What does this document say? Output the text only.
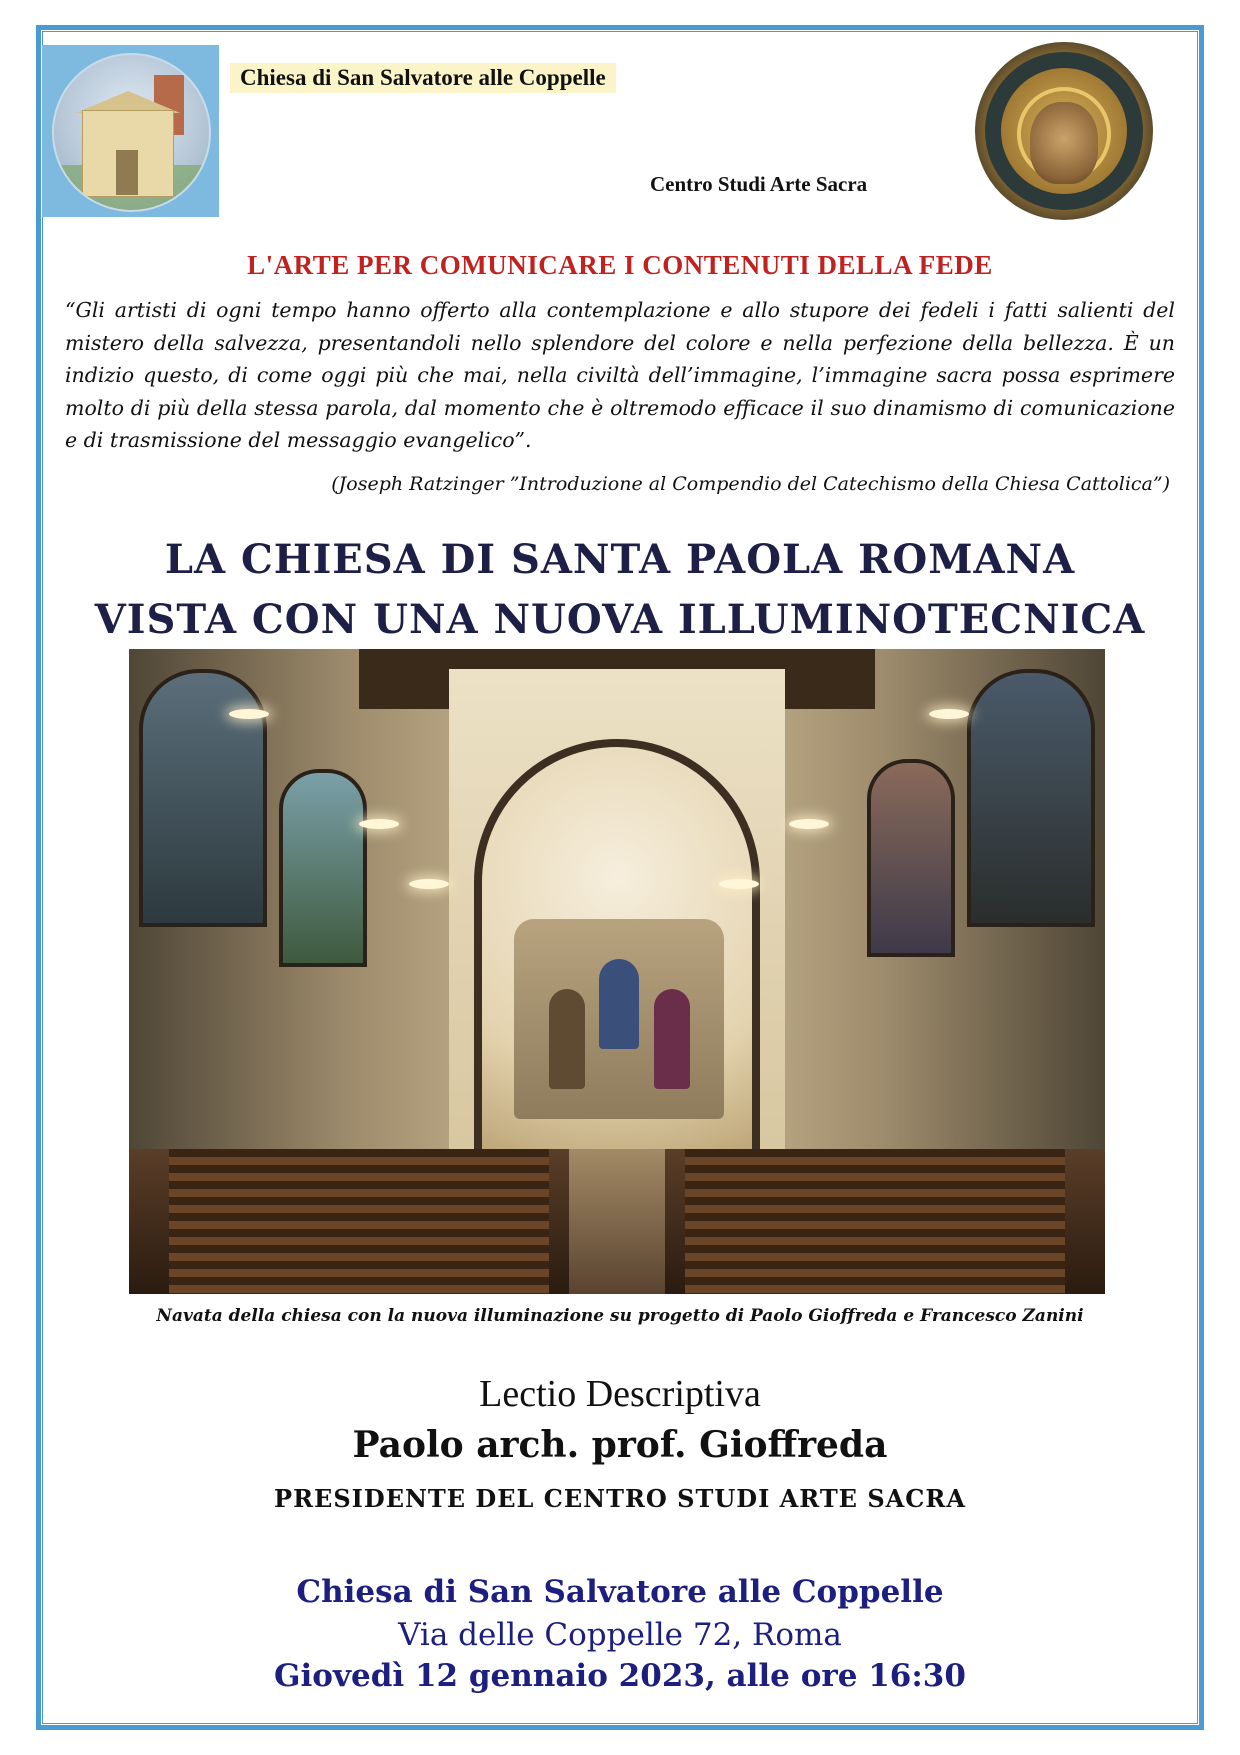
Chiesa di San Salvatore alle Coppelle
Centro Studi Arte Sacra
L'ARTE PER COMUNICARE I CONTENUTI DELLA FEDE
“Gli artisti di ogni tempo hanno offerto alla contemplazione e allo stupore dei fedeli i fatti salienti del mistero della salvezza, presentandoli nello splendore del colore e nella perfezione della bellezza. È un indizio questo, di come oggi più che mai, nella civiltà dell’immagine, l’immagine sacra possa esprimere molto di più della stessa parola, dal momento che è oltremodo efficace il suo dinamismo di comunicazione e di trasmissione del messaggio evangelico”.
(Joseph Ratzinger ”Introduzione al Compendio del Catechismo della Chiesa Cattolica”)
LA CHIESA DI SANTA PAOLA ROMANA
VISTA CON UNA NUOVA ILLUMINOTECNICA
Navata della chiesa con la nuova illuminazione su progetto di Paolo Gioffreda e Francesco Zanini
Lectio Descriptiva
Paolo arch. prof. Gioffreda
PRESIDENTE DEL CENTRO STUDI ARTE SACRA
Chiesa di San Salvatore alle Coppelle
Via delle Coppelle 72, Roma
Giovedì 12 gennaio 2023, alle ore 16:30
